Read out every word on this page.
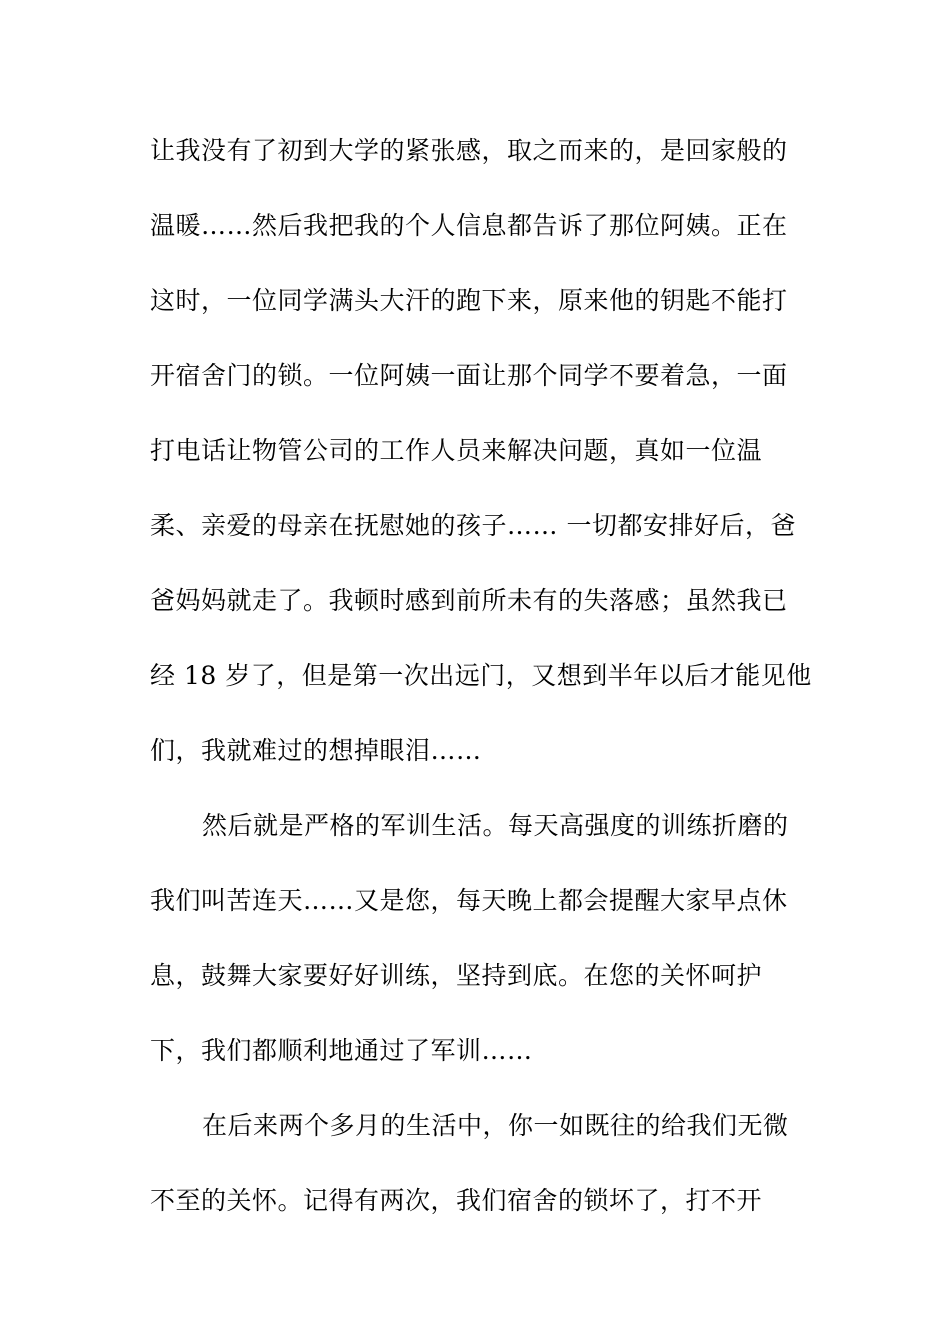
让我没有了初到大学的紧张感，取之而来的，是回家般的
温暖……然后我把我的个人信息都告诉了那位阿姨。正在
这时，一位同学满头大汗的跑下来，原来他的钥匙不能打
开宿舍门的锁。一位阿姨一面让那个同学不要着急，一面
打电话让物管公司的工作人员来解决问题，真如一位温
柔、亲爱的母亲在抚慰她的孩子…… 一切都安排好后，爸
爸妈妈就走了。我顿时感到前所未有的失落感；虽然我已
经 18 岁了，但是第一次出远门，又想到半年以后才能见他
们，我就难过的想掉眼泪……
然后就是严格的军训生活。每天高强度的训练折磨的
我们叫苦连天……又是您，每天晚上都会提醒大家早点休
息，鼓舞大家要好好训练，坚持到底。在您的关怀呵护
下，我们都顺利地通过了军训……
在后来两个多月的生活中，你一如既往的给我们无微
不至的关怀。记得有两次，我们宿舍的锁坏了，打不开
